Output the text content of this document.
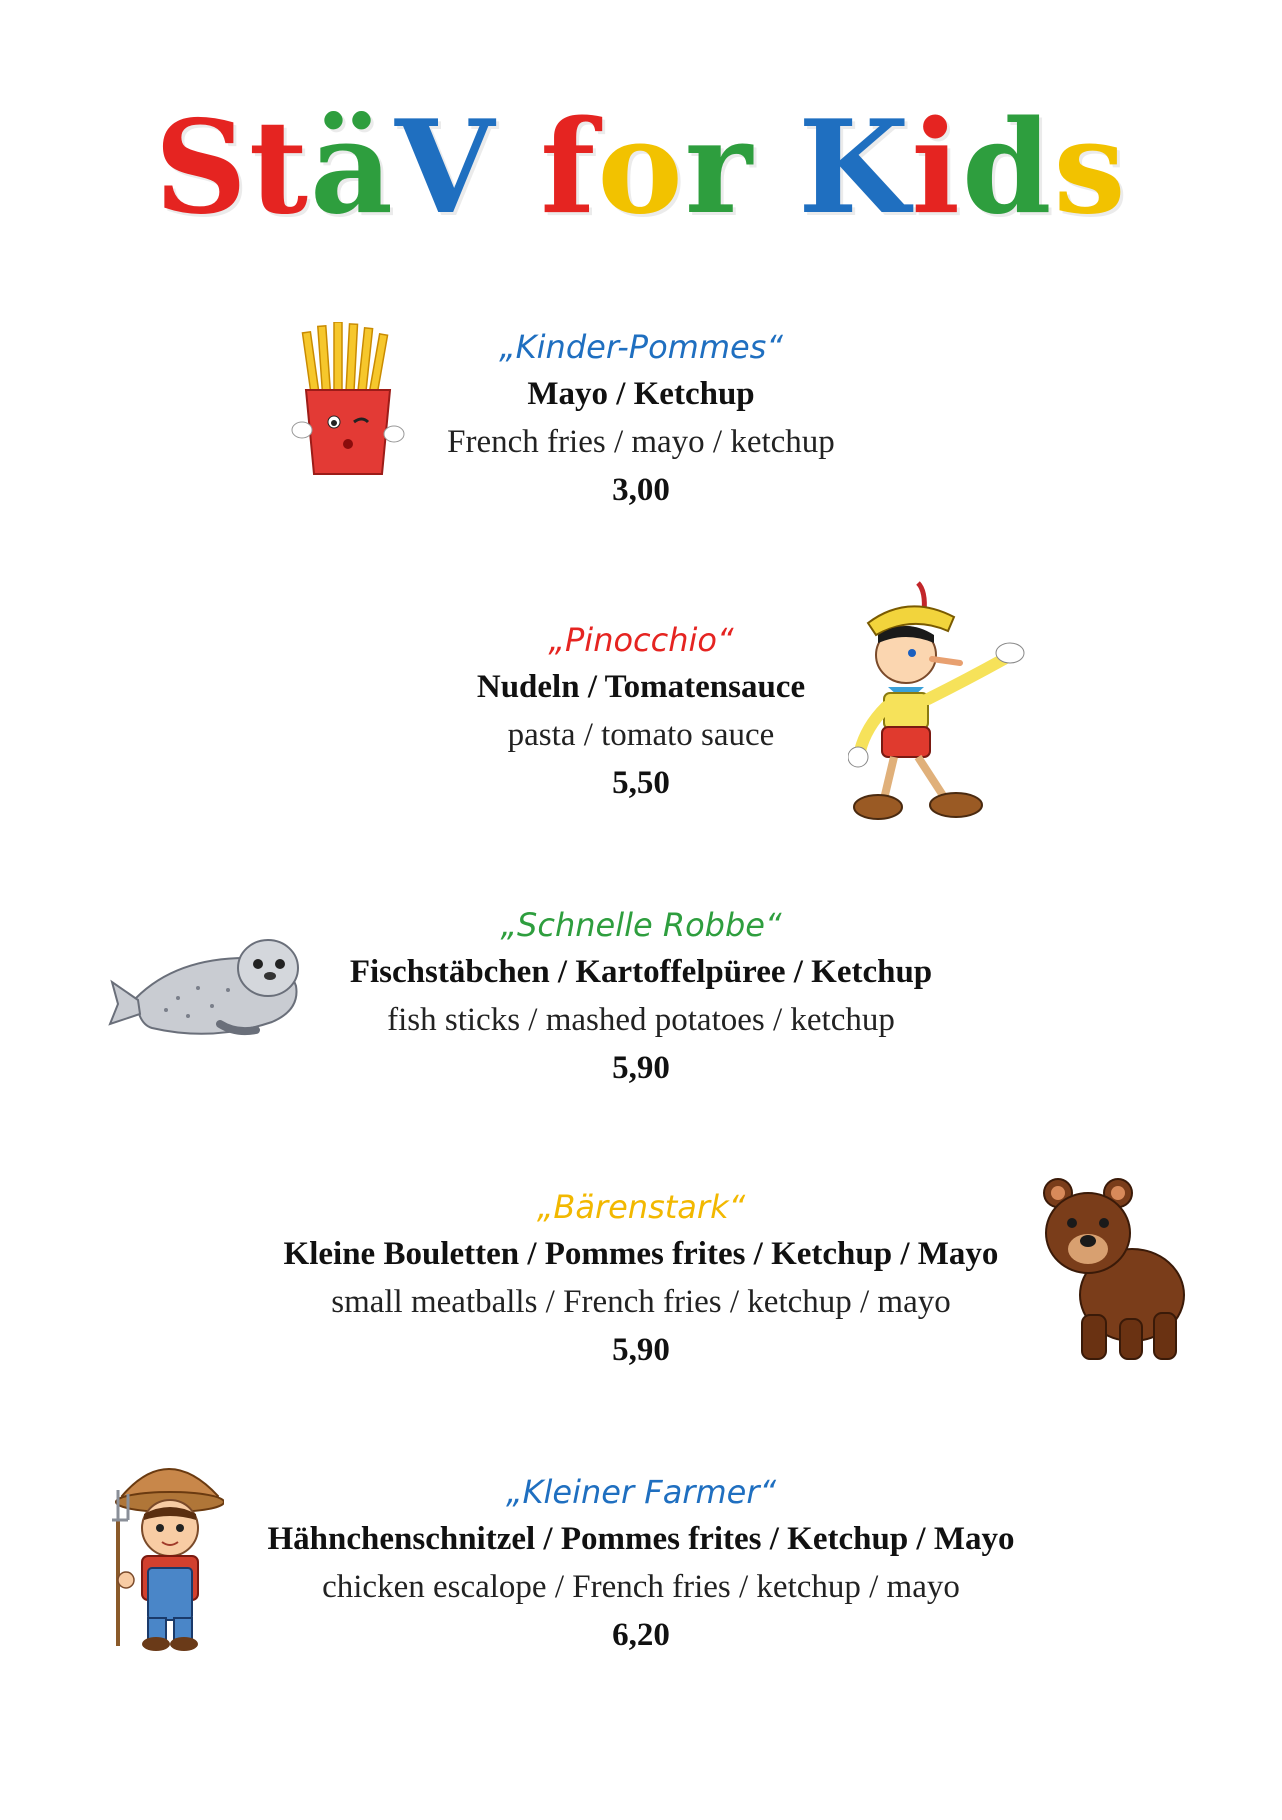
StäV for Kids
„Kinder-Pommes“
Mayo / Ketchup
French fries / mayo / ketchup
3,00
„Pinocchio“
Nudeln / Tomatensauce
pasta / tomato sauce
5,50
„Schnelle Robbe“
Fischstäbchen / Kartoffelpüree / Ketchup
fish sticks / mashed potatoes / ketchup
5,90
„Bärenstark“
Kleine Bouletten / Pommes frites / Ketchup / Mayo
small meatballs / French fries / ketchup / mayo
5,90
„Kleiner Farmer“
Hähnchenschnitzel / Pommes frites / Ketchup / Mayo
chicken escalope / French fries / ketchup / mayo
6,20
